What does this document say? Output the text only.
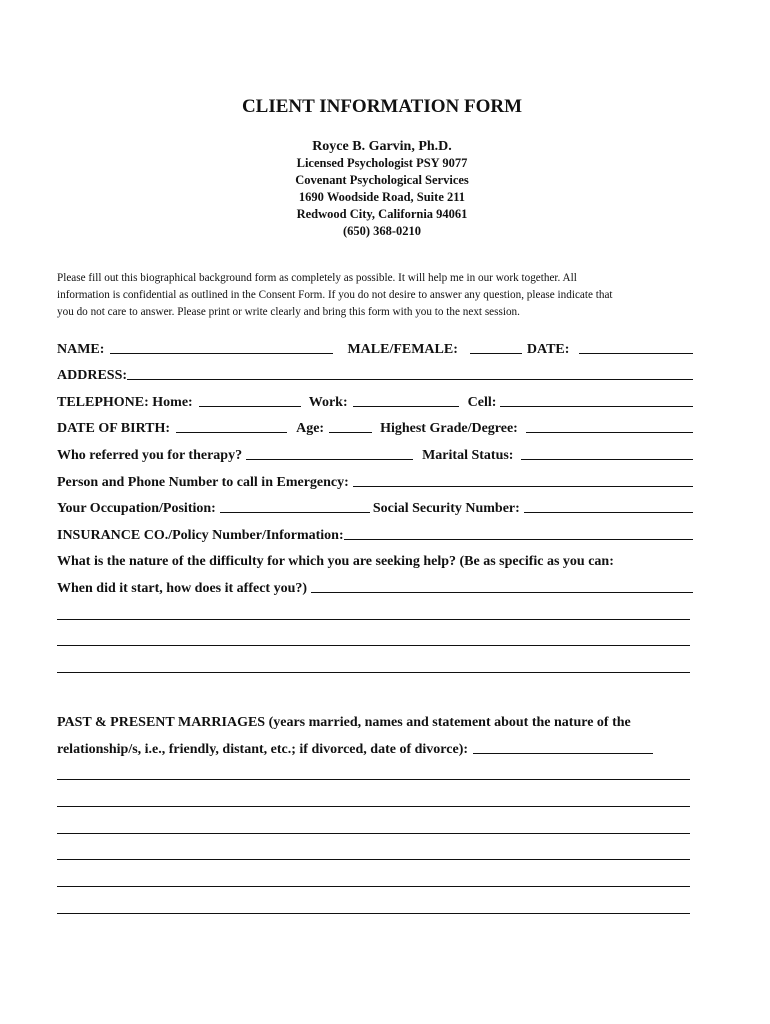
CLIENT INFORMATION FORM
Royce B. Garvin, Ph.D.
Licensed Psychologist PSY 9077
Covenant Psychological Services
1690 Woodside Road, Suite 211
Redwood City, California 94061
(650) 368-0210
Please fill out this biographical background form as completely as possible. It will help me in our work together. All
information is confidential as outlined in the Consent Form. If you do not desire to answer any question, please indicate that
you do not care to answer. Please print or write clearly and bring this form with you to the next session.
NAME:	MALE/FEMALE:	DATE:
ADDRESS:
TELEPHONE: Home:	Work:	Cell:
DATE OF BIRTH:	Age:	Highest Grade/Degree:
Who referred you for therapy?	Marital Status:
Person and Phone Number to call in Emergency:
Your Occupation/Position:	Social Security Number:
INSURANCE CO./Policy Number/Information:
What is the nature of the difficulty for which you are seeking help? (Be as specific as you can:
When did it start, how does it affect you?)
PAST & PRESENT MARRIAGES (years married, names and statement about the nature of the
relationship/s, i.e., friendly, distant, etc.; if divorced, date of divorce):
